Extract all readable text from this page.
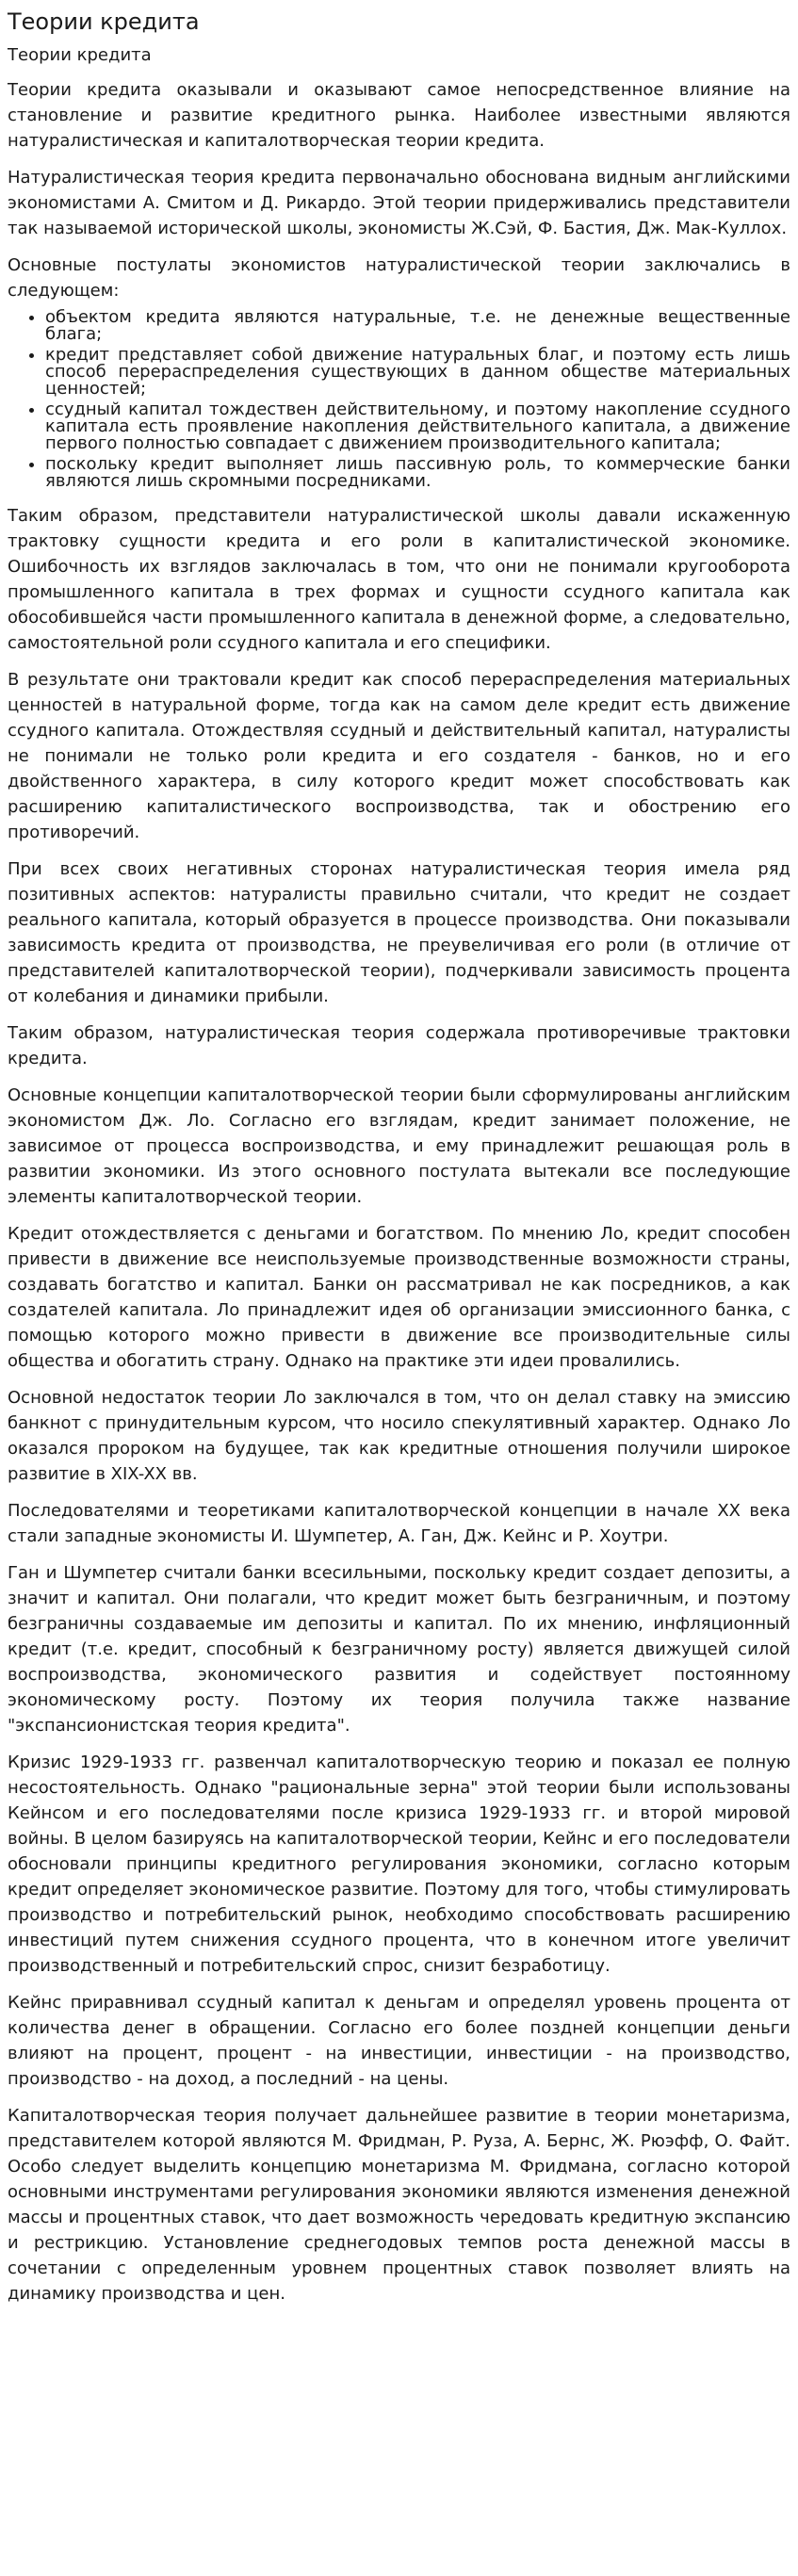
Теории кредита
Теории кредита

Теории кредита оказывали и оказывают самое непосредственное влияние на становление и развитие кредитного рынка. Наиболее известными являются натуралистическая и капиталотворческая теории кредита.

Натуралистическая теория кредита первоначально обоснована видным английскими экономистами А. Смитом и Д. Рикардо. Этой теории придерживались представители так называемой исторической школы, экономисты Ж.Сэй, Ф. Бастия, Дж. Мак-Куллох.

Основные постулаты экономистов натуралистической теории заключались в следующем:

• объектом кредита являются натуральные, т.е. не денежные вещественные блага;
• кредит представляет собой движение натуральных благ, и поэтому есть лишь способ перераспределения существующих в данном обществе материальных ценностей;
• ссудный капитал тождествен действительному, и поэтому накопление ссудного капитала есть проявление накопления действительного капитала, а движение первого полностью совпадает с движением производительного капитала;
• поскольку кредит выполняет лишь пассивную роль, то коммерческие банки являются лишь скромными посредниками.

Таким образом, представители натуралистической школы давали искаженную трактовку сущности кредита и его роли в капиталистической экономике. Ошибочность их взглядов заключалась в том, что они не понимали кругооборота промышленного капитала в трех формах и сущности ссудного капитала как обособившейся части промышленного капитала в денежной форме, а следовательно, самостоятельной роли ссудного капитала и его специфики.

В результате они трактовали кредит как способ перераспределения материальных ценностей в натуральной форме, тогда как на самом деле кредит есть движение ссудного капитала. Отождествляя ссудный и действительный капитал, натуралисты не понимали не только роли кредита и его создателя - банков, но и его двойственного характера, в силу которого кредит может способствовать как расширению капиталистического воспроизводства, так и обострению его противоречий.

При всех своих негативных сторонах натуралистическая теория имела ряд позитивных аспектов: натуралисты правильно считали, что кредит не создает реального капитала, который образуется в процессе производства. Они показывали зависимость кредита от производства, не преувеличивая его роли (в отличие от представителей капиталотворческой теории), подчеркивали зависимость процента от колебания и динамики прибыли.

Таким образом, натуралистическая теория содержала противоречивые трактовки кредита.

Основные концепции капиталотворческой теории были сформулированы английским экономистом Дж. Ло. Согласно его взглядам, кредит занимает положение, не зависимое от процесса воспроизводства, и ему принадлежит решающая роль в развитии экономики. Из этого основного постулата вытекали все последующие элементы капиталотворческой теории.

Кредит отождествляется с деньгами и богатством. По мнению Ло, кредит способен привести в движение все неиспользуемые производственные возможности страны, создавать богатство и капитал. Банки он рассматривал не как посредников, а как создателей капитала. Ло принадлежит идея об организации эмиссионного банка, с помощью которого можно привести в движение все производительные силы общества и обогатить страну. Однако на практике эти идеи провалились.

Основной недостаток теории Ло заключался в том, что он делал ставку на эмиссию банкнот с принудительным курсом, что носило спекулятивный характер. Однако Ло оказался пророком на будущее, так как кредитные отношения получили широкое развитие в XIX-XX вв.

Последователями и теоретиками капиталотворческой концепции в начале XX века стали западные экономисты И. Шумпетер, А. Ган, Дж. Кейнс и Р. Хоутри.

Ган и Шумпетер считали банки всесильными, поскольку кредит создает депозиты, а значит и капитал. Они полагали, что кредит может быть безграничным, и поэтому безграничны создаваемые им депозиты и капитал. По их мнению, инфляционный кредит (т.е. кредит, способный к безграничному росту) является движущей силой воспроизводства, экономического развития и содействует постоянному экономическому росту. Поэтому их теория получила также название "экспансионистская теория кредита".

Кризис 1929-1933 гг. развенчал капиталотворческую теорию и показал ее полную несостоятельность. Однако "рациональные зерна" этой теории были использованы Кейнсом и его последователями после кризиса 1929-1933 гг. и второй мировой войны. В целом базируясь на капиталотворческой теории, Кейнс и его последователи обосновали принципы кредитного регулирования экономики, согласно которым кредит определяет экономическое развитие. Поэтому для того, чтобы стимулировать производство и потребительский рынок, необходимо способствовать расширению инвестиций путем снижения ссудного процента, что в конечном итоге увеличит производственный и потребительский спрос, снизит безработицу.

Кейнс приравнивал ссудный капитал к деньгам и определял уровень процента от количества денег в обращении. Согласно его более поздней концепции деньги влияют на процент, процент - на инвестиции, инвестиции - на производство, производство - на доход, а последний - на цены.

Капиталотворческая теория получает дальнейшее развитие в теории монетаризма, представителем которой являются М. Фридман, Р. Руза, А. Бернс, Ж. Рюэфф, О. Файт. Особо следует выделить концепцию монетаризма М. Фридмана, согласно которой основными инструментами регулирования экономики являются изменения денежной массы и процентных ставок, что дает возможность чередовать кредитную экспансию и рестрикцию. Установление среднегодовых темпов роста денежной массы в сочетании с определенным уровнем процентных ставок позволяет влиять на динамику производства и цен.
